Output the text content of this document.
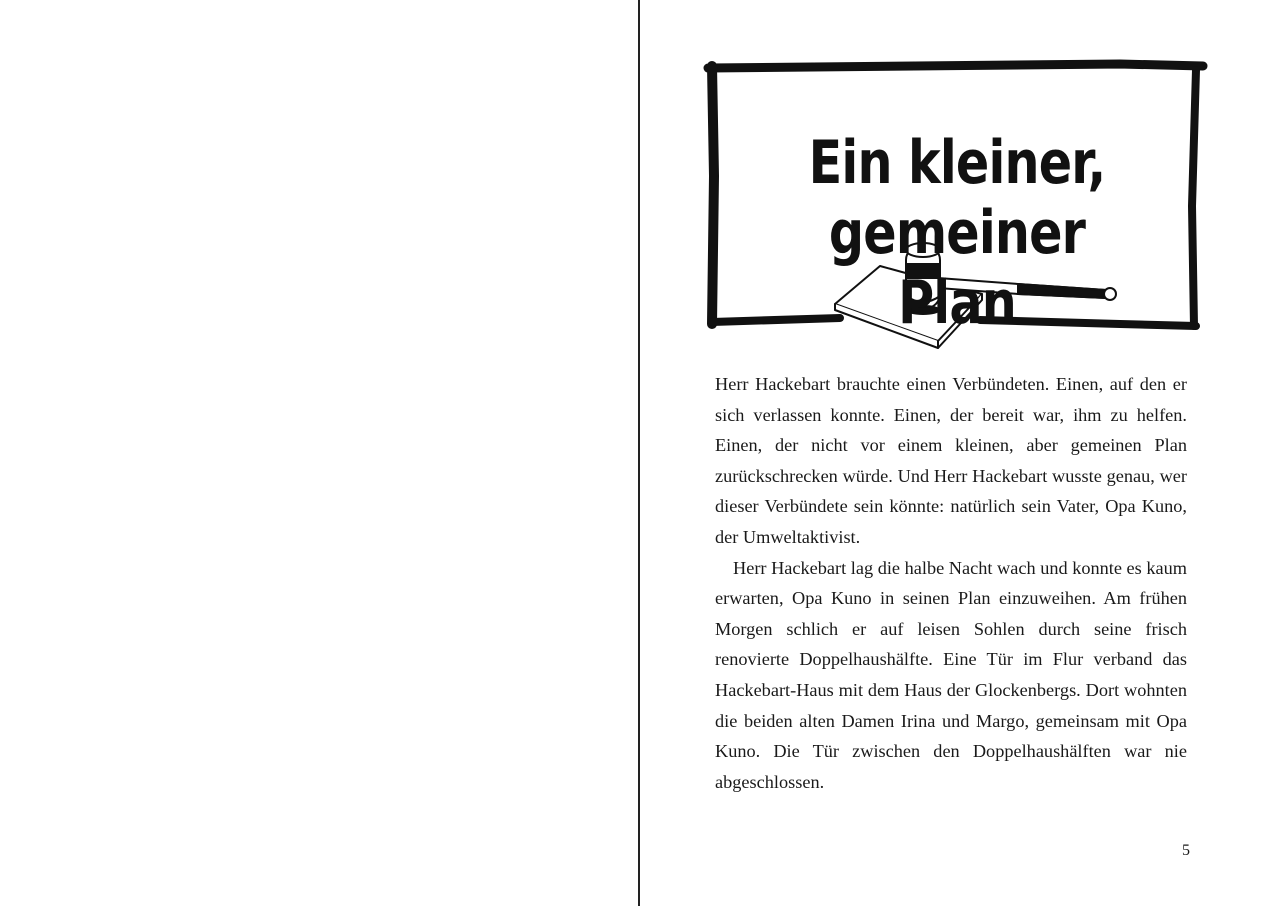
Ein kleiner,
gemeiner Plan

Herr Hackebart brauchte einen Verbündeten. Einen, auf den er sich verlassen konnte. Einen, der bereit war, ihm zu helfen. Einen, der nicht vor einem kleinen, aber gemeinen Plan zurückschrecken würde. Und Herr Hackebart wusste genau, wer dieser Verbündete sein könnte: natürlich sein Vater, Opa Kuno, der Umweltaktivist.

Herr Hackebart lag die halbe Nacht wach und konnte es kaum erwarten, Opa Kuno in seinen Plan einzuweihen. Am frühen Morgen schlich er auf leisen Sohlen durch seine frisch renovierte Doppelhaushälfte. Eine Tür im Flur verband das Hackebart-Haus mit dem Haus der Glockenbergs. Dort wohnten die beiden alten Damen Irina und Margo, gemeinsam mit Opa Kuno. Die Tür zwischen den Doppelhaushälften war nie abgeschlossen.

5
